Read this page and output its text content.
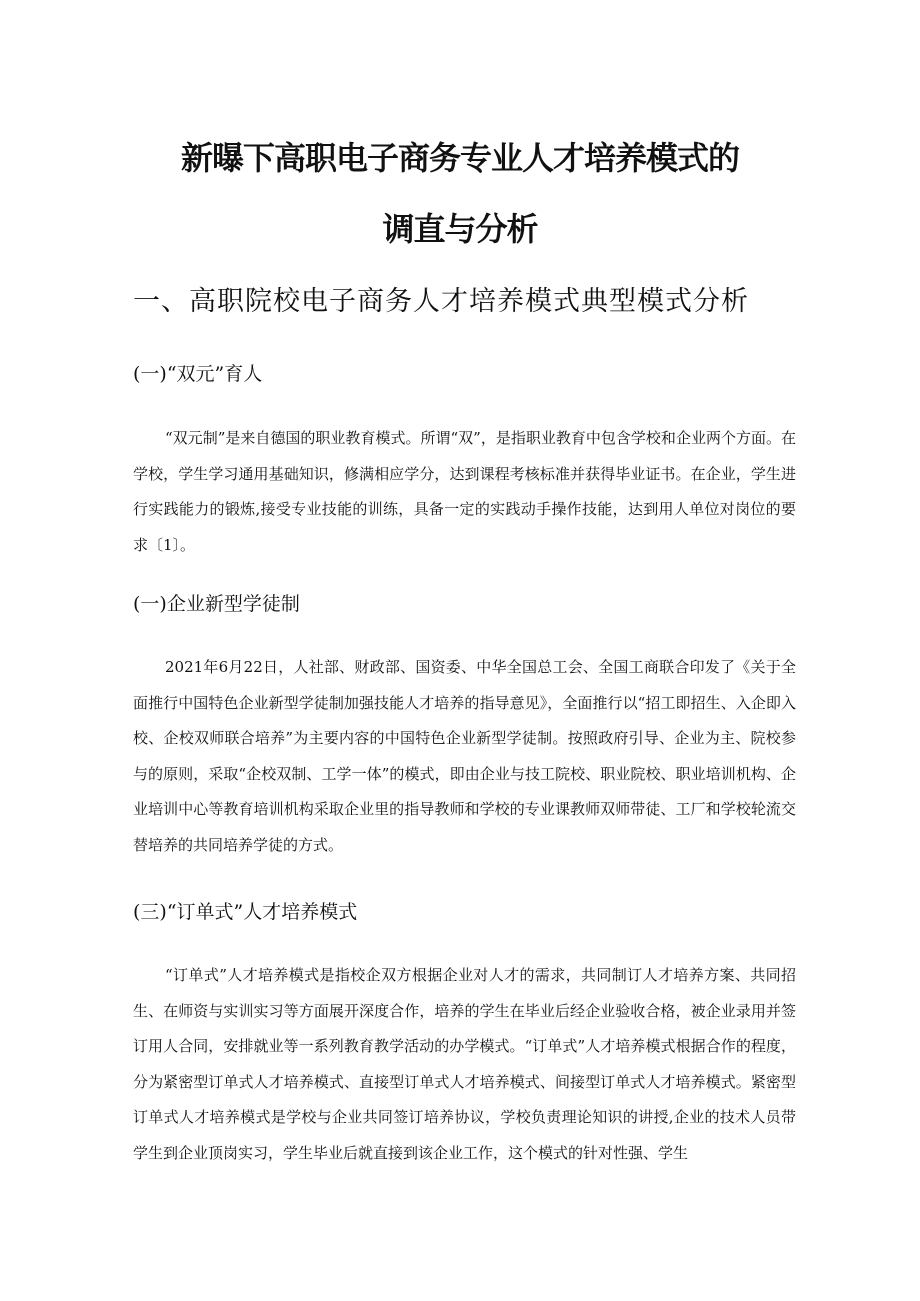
新曝下高职电子商务专业人才培养模式的
调直与分析
一、高职院校电子商务人才培养模式典型模式分析
(一)“双元”育人

“双元制”是来自德国的职业教育模式。所谓“双”，是指职业教育中包含学校和企业两个方面。在学校，学生学习通用基础知识，修满相应学分，达到课程考核标准并获得毕业证书。在企业，学生进行实践能力的锻炼,接受专业技能的训练，具备一定的实践动手操作技能，达到用人单位对岗位的要求〔1〕。

(一)企业新型学徒制

2021年6月22日，人社部、财政部、国资委、中华全国总工会、全国工商联合印发了《关于全面推行中国特色企业新型学徒制加强技能人才培养的指导意见》，全面推行以“招工即招生、入企即入校、企校双师联合培养”为主要内容的中国特色企业新型学徒制。按照政府引导、企业为主、院校参与的原则，采取“企校双制、工学一体”的模式，即由企业与技工院校、职业院校、职业培训机构、企业培训中心等教育培训机构采取企业里的指导教师和学校的专业课教师双师带徒、工厂和学校轮流交替培养的共同培养学徒的方式。

(三)“订单式”人才培养模式

“订单式”人才培养模式是指校企双方根据企业对人才的需求，共同制订人才培养方案、共同招生、在师资与实训实习等方面展开深度合作，培养的学生在毕业后经企业验收合格，被企业录用并签订用人合同，安排就业等一系列教育教学活动的办学模式。“订单式”人才培养模式根据合作的程度，分为紧密型订单式人才培养模式、直接型订单式人才培养模式、间接型订单式人才培养模式。紧密型订单式人才培养模式是学校与企业共同签订培养协议，学校负责理论知识的讲授,企业的技术人员带学生到企业顶岗实习，学生毕业后就直接到该企业工作，这个模式的针对性强、学生
